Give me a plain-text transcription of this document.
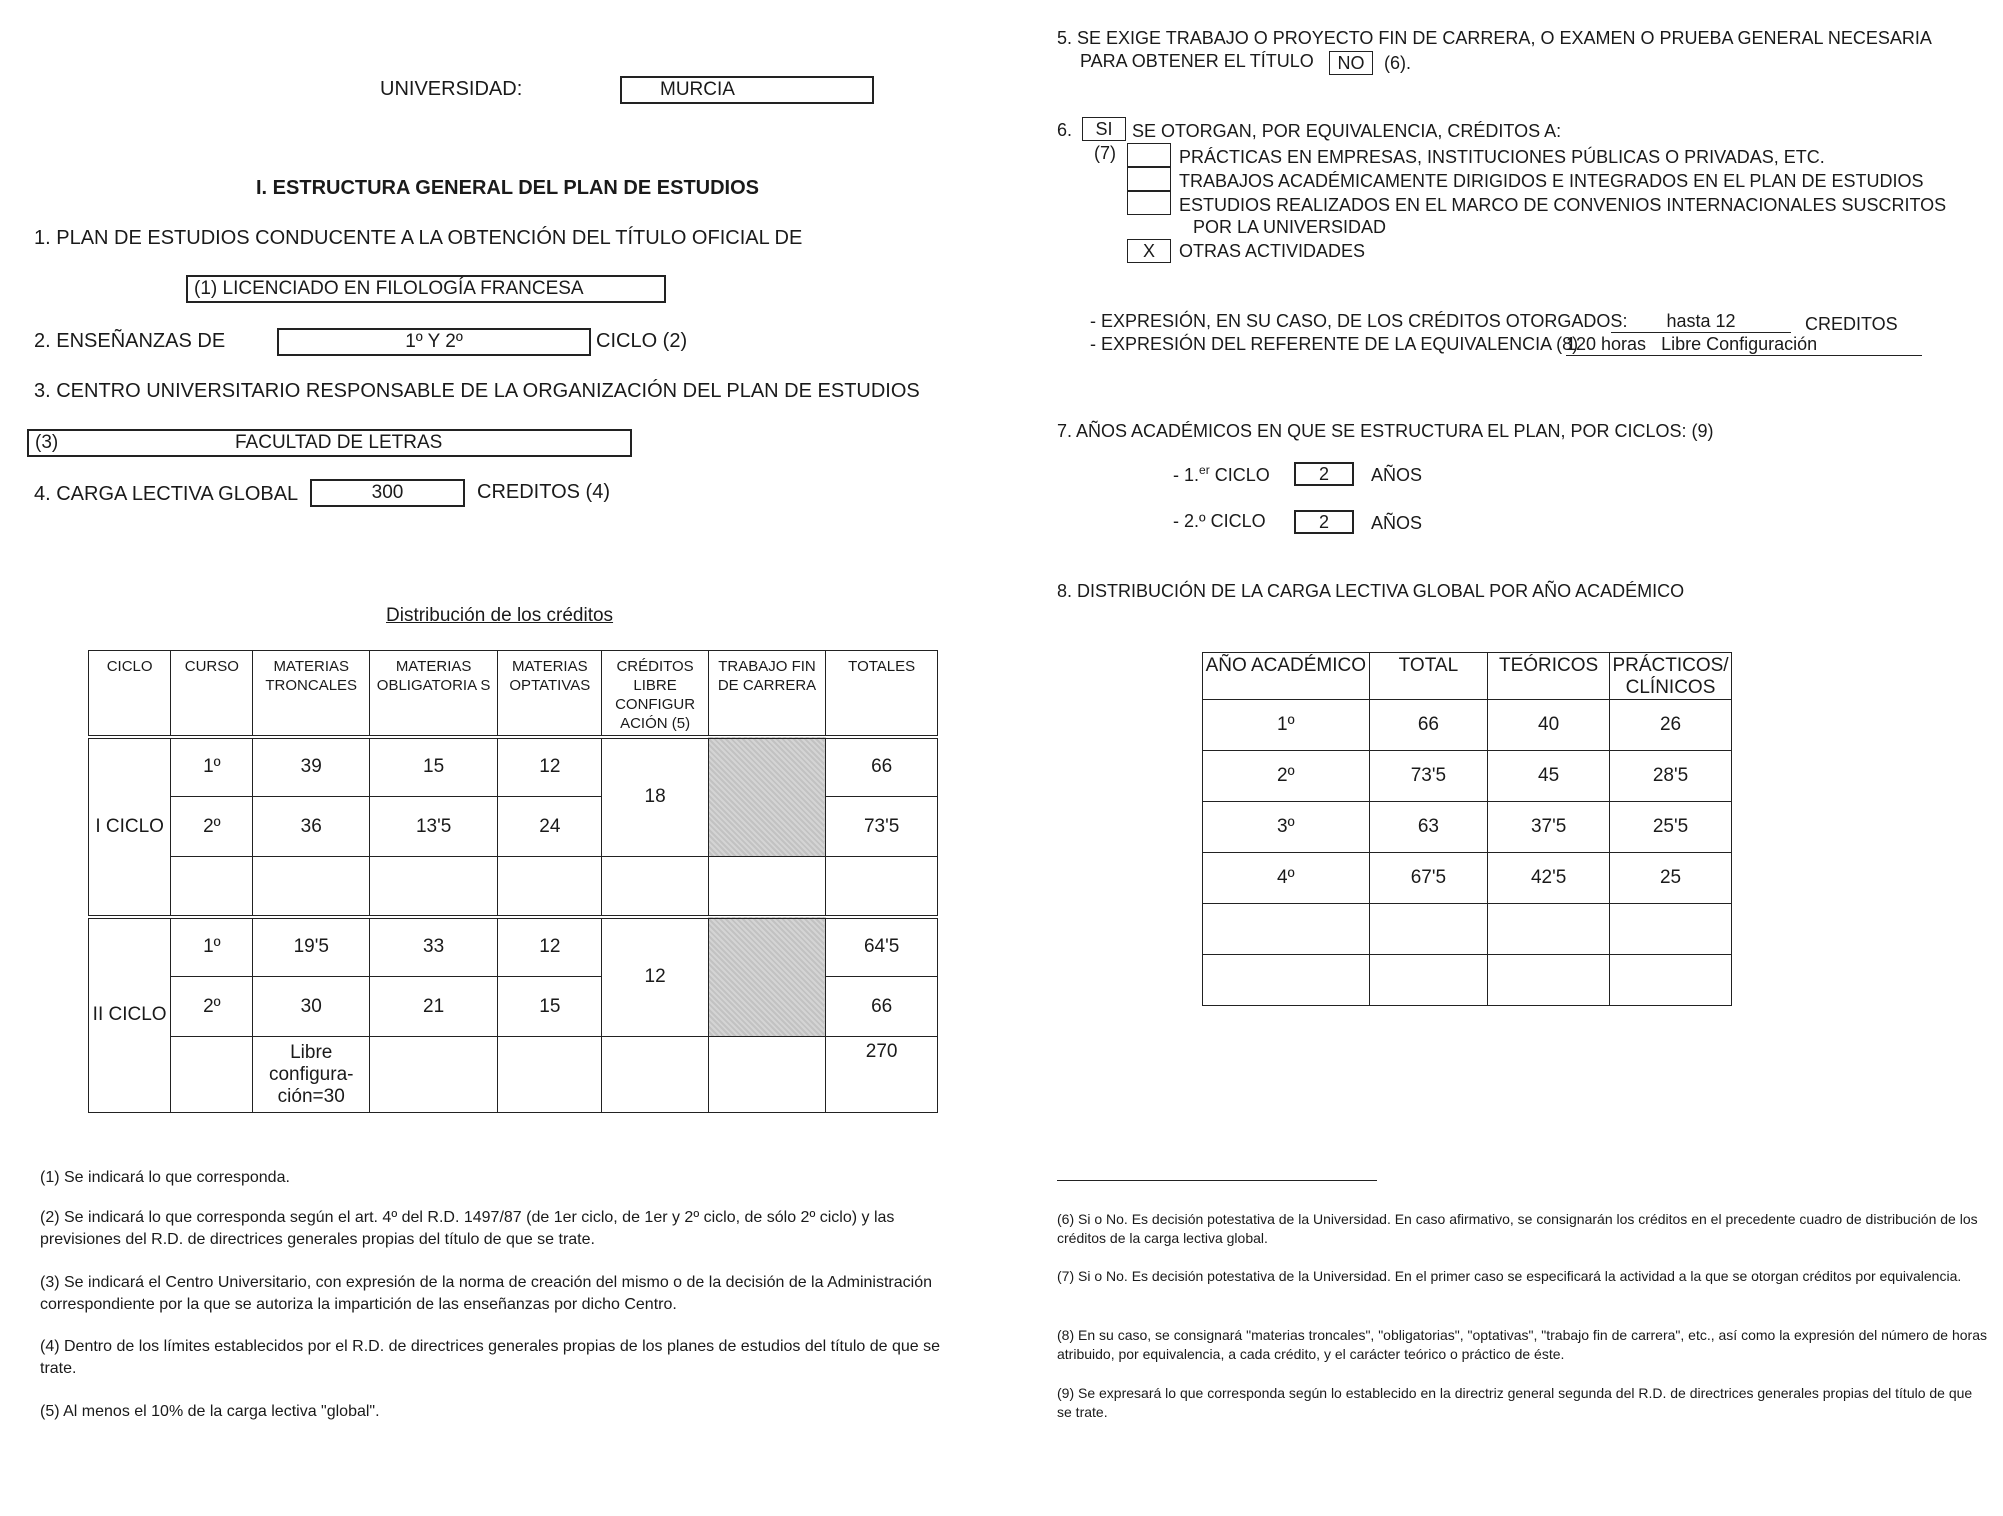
UNIVERSIDAD:	MURCIA
I. ESTRUCTURA GENERAL DEL PLAN DE ESTUDIOS
1. PLAN DE ESTUDIOS CONDUCENTE A LA OBTENCIÓN DEL TÍTULO OFICIAL DE
(1) LICENCIADO EN FILOLOGÍA FRANCESA
2. ENSEÑANZAS DE	1º Y 2º	CICLO (2)
3. CENTRO UNIVERSITARIO RESPONSABLE DE LA ORGANIZACIÓN DEL PLAN DE ESTUDIOS
(3)	FACULTAD DE LETRAS
4. CARGA LECTIVA GLOBAL	300	CREDITOS (4)
Distribución de los créditos
CICLO	CURSO	MATERIAS TRONCALES	MATERIAS OBLIGATORIA S	MATERIAS OPTATIVAS	CRÉDITOS LIBRE CONFIGUR ACIÓN (5)	TRABAJO FIN DE CARRERA	TOTALES
I CICLO	1º	39	15	12	18		66
	2º	36	13'5	24			73'5

II CICLO	1º	19'5	33	12	12		64'5
	2º	30	21	15			66
		Libre configura-ción=30					270
(1) Se indicará lo que corresponda.
(2) Se indicará lo que corresponda según el art. 4º del R.D. 1497/87 (de 1er ciclo, de 1er y 2º ciclo, de sólo 2º ciclo) y las previsiones del R.D. de directrices generales propias del título de que se trate.
(3) Se indicará el Centro Universitario, con expresión de la norma de creación del mismo o de la decisión de la Administración correspondiente por la que se autoriza la impartición de las enseñanzas por dicho Centro.
(4) Dentro de los límites establecidos por el R.D. de directrices generales propias de los planes de estudios del título de que se trate.
(5) Al menos el 10% de la carga lectiva "global".
5. SE EXIGE TRABAJO O PROYECTO FIN DE CARRERA, O EXAMEN O PRUEBA GENERAL NECESARIA
PARA OBTENER EL TÍTULO NO (6).
6. SI SE OTORGAN, POR EQUIVALENCIA, CRÉDITOS A:
(7)	PRÁCTICAS EN EMPRESAS, INSTITUCIONES PÚBLICAS O PRIVADAS, ETC.
TRABAJOS ACADÉMICAMENTE DIRIGIDOS E INTEGRADOS EN EL PLAN DE ESTUDIOS
ESTUDIOS REALIZADOS EN EL MARCO DE CONVENIOS INTERNACIONALES SUSCRITOS
POR LA UNIVERSIDAD
X OTRAS ACTIVIDADES
- EXPRESIÓN, EN SU CASO, DE LOS CRÉDITOS OTORGADOS:	hasta 12	CREDITOS
- EXPRESIÓN DEL REFERENTE DE LA EQUIVALENCIA (8)
120 horas   Libre Configuración
7. AÑOS ACADÉMICOS EN QUE SE ESTRUCTURA EL PLAN, POR CICLOS: (9)
- 1.$^{er}$ CICLO	2 AÑOS
- 2.º CICLO	2 AÑOS
8. DISTRIBUCIÓN DE LA CARGA LECTIVA GLOBAL POR AÑO ACADÉMICO
AÑO ACADÉMICO	TOTAL	TEÓRICOS	PRÁCTICOS/ CLÍNICOS
1º	66	40	26
2º	73'5	45	28'5
3º	63	37'5	25'5
4º	67'5	42'5	25

(6) Si o No. Es decisión potestativa de la Universidad. En caso afirmativo, se consignarán los créditos en el precedente cuadro de distribución de los créditos de la carga lectiva global.
(7) Si o No. Es decisión potestativa de la Universidad. En el primer caso se especificará la actividad a la que se otorgan créditos por equivalencia.
(8) En su caso, se consignará "materias troncales", "obligatorias", "optativas", "trabajo fin de carrera", etc., así como la expresión del número de horas atribuido, por equivalencia, a cada crédito, y el carácter teórico o práctico de éste.
(9) Se expresará lo que corresponda según lo establecido en la directriz general segunda del R.D. de directrices generales propias del título de que se trate.
